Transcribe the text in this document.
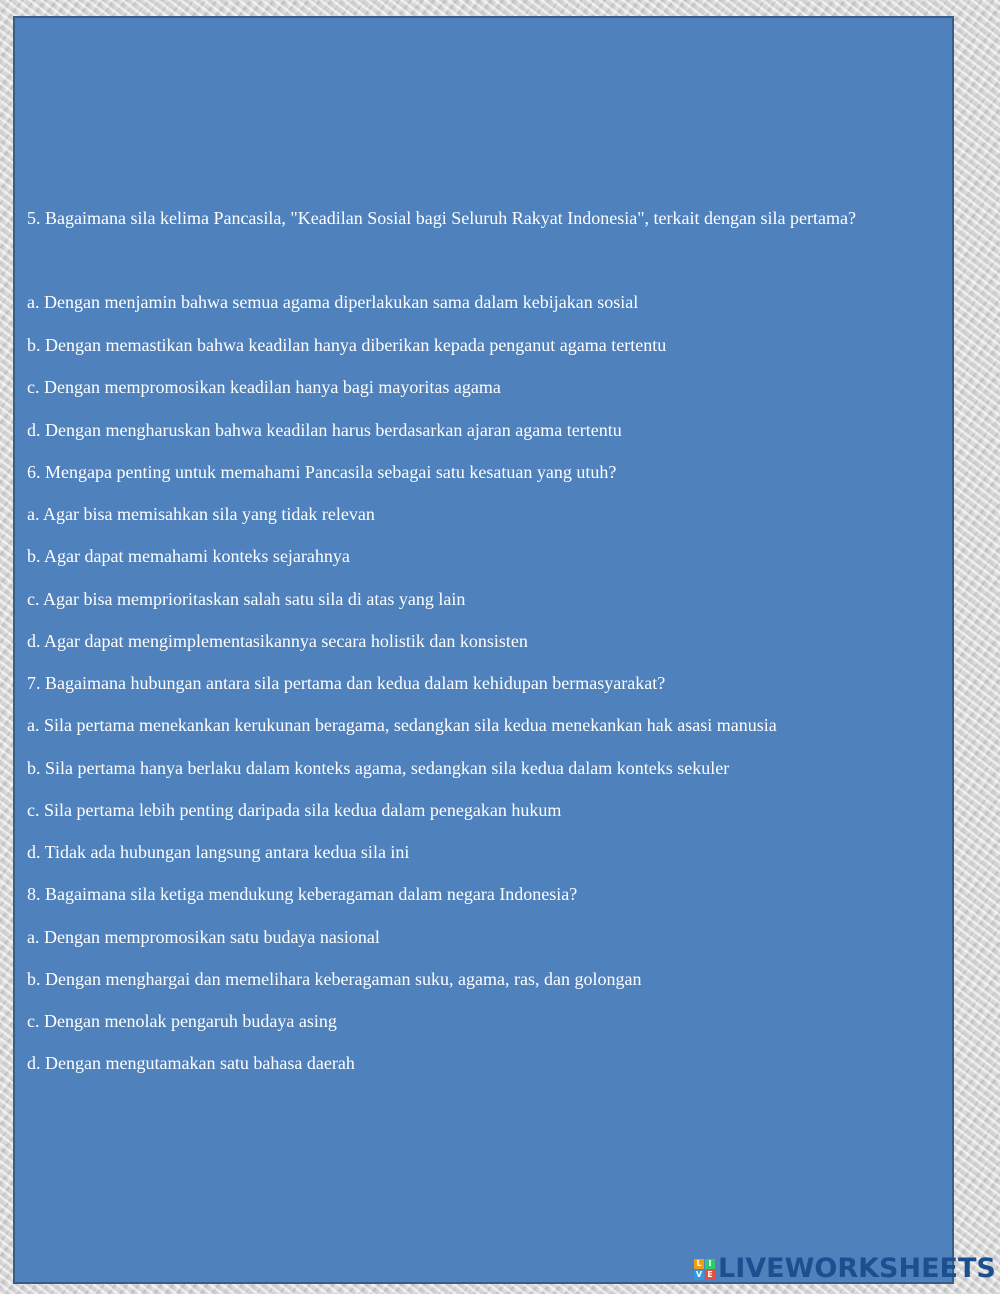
5. Bagaimana sila kelima Pancasila, "Keadilan Sosial bagi Seluruh Rakyat Indonesia", terkait dengan sila pertama?
a. Dengan menjamin bahwa semua agama diperlakukan sama dalam kebijakan sosial
b. Dengan memastikan bahwa keadilan hanya diberikan kepada penganut agama tertentu
c. Dengan mempromosikan keadilan hanya bagi mayoritas agama
d. Dengan mengharuskan bahwa keadilan harus berdasarkan ajaran agama tertentu
6. Mengapa penting untuk memahami Pancasila sebagai satu kesatuan yang utuh?
a. Agar bisa memisahkan sila yang tidak relevan
b. Agar dapat memahami konteks sejarahnya
c. Agar bisa memprioritaskan salah satu sila di atas yang lain
d. Agar dapat mengimplementasikannya secara holistik dan konsisten
7. Bagaimana hubungan antara sila pertama dan kedua dalam kehidupan bermasyarakat?
a. Sila pertama menekankan kerukunan beragama, sedangkan sila kedua menekankan hak asasi manusia
b. Sila pertama hanya berlaku dalam konteks agama, sedangkan sila kedua dalam konteks sekuler
c. Sila pertama lebih penting daripada sila kedua dalam penegakan hukum
d. Tidak ada hubungan langsung antara kedua sila ini
8. Bagaimana sila ketiga mendukung keberagaman dalam negara Indonesia?
a. Dengan mempromosikan satu budaya nasional
b. Dengan menghargai dan memelihara keberagaman suku, agama, ras, dan golongan
c. Dengan menolak pengaruh budaya asing
d. Dengan mengutamakan satu bahasa daerah
L I
V E LIVEWORKSHEETS
